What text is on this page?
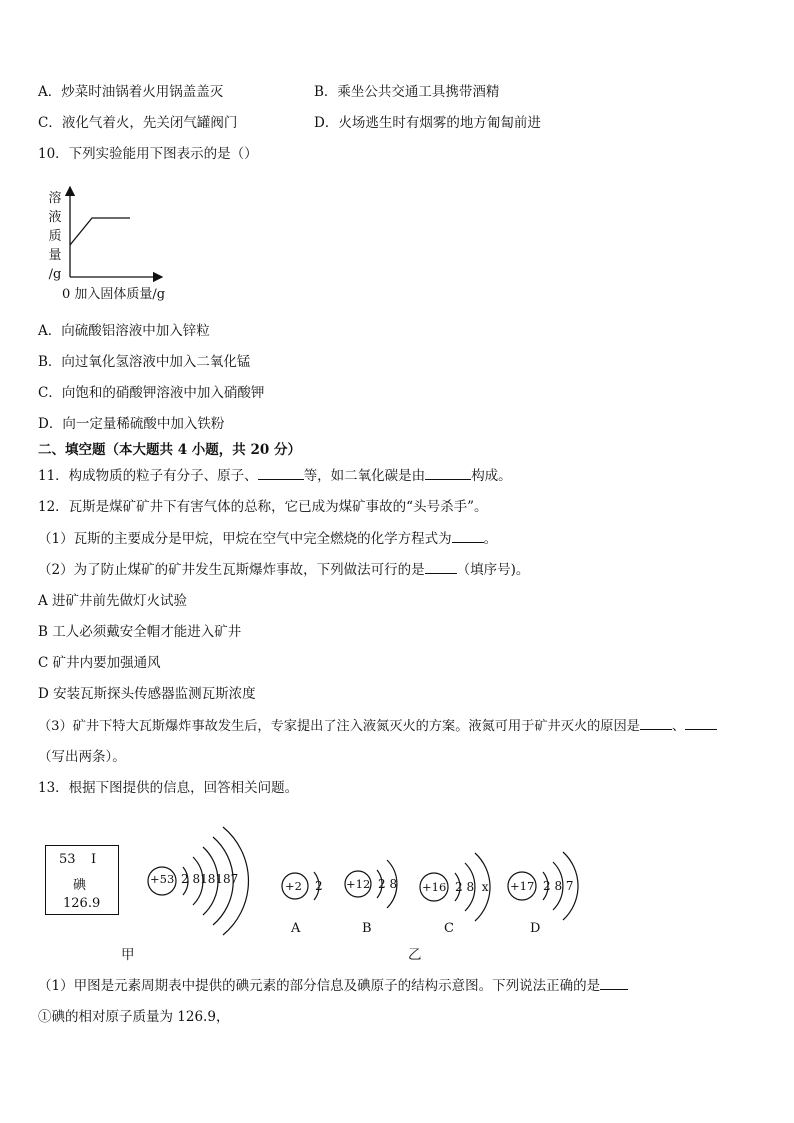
A．炒菜时油锅着火用锅盖盖灭	B．乘坐公共交通工具携带酒精
C．液化气着火，先关闭气罐阀门	D．火场逃生时有烟雾的地方匍匐前进
10．下列实验能用下图表示的是（）
溶
液
质
量
/g
0 加入固体质量/g
A．向硫酸铝溶液中加入锌粒
B．向过氧化氢溶液中加入二氧化锰
C．向饱和的硝酸钾溶液中加入硝酸钾
D．向一定量稀硫酸中加入铁粉
二、填空题（本大题共 4 小题，共 20 分）
11．构成物质的粒子有分子、原子、	等，如二氧化碳是由	构成。
12．瓦斯是煤矿矿井下有害气体的总称，它已成为煤矿事故的“头号杀手”。
（1）瓦斯的主要成分是甲烷，甲烷在空气中完全燃烧的化学方程式为 。
（2）为了防止煤矿的矿井发生瓦斯爆炸事故，下列做法可行的是 （填序号)。
A 进矿井前先做灯火试验
B 工人必须戴安全帽才能进入矿井
C 矿井内要加强通风
D 安装瓦斯探头传感器监测瓦斯浓度
（3）矿井下特大瓦斯爆炸事故发生后，专家提出了注入液氮灭火的方案。液氮可用于矿井灭火的原因是 、
（写出两条）。
13．根据下图提供的信息，回答相关问题。
53 I
碘
126.9
+53 2 818187	+2 2
A
+12 2 8
B
+16 2 8  x
C
+17 2 8 7
D
甲	乙
（1）甲图是元素周期表中提供的碘元素的部分信息及碘原子的结构示意图。下列说法正确的是
①碘的相对原子质量为 126.9，
